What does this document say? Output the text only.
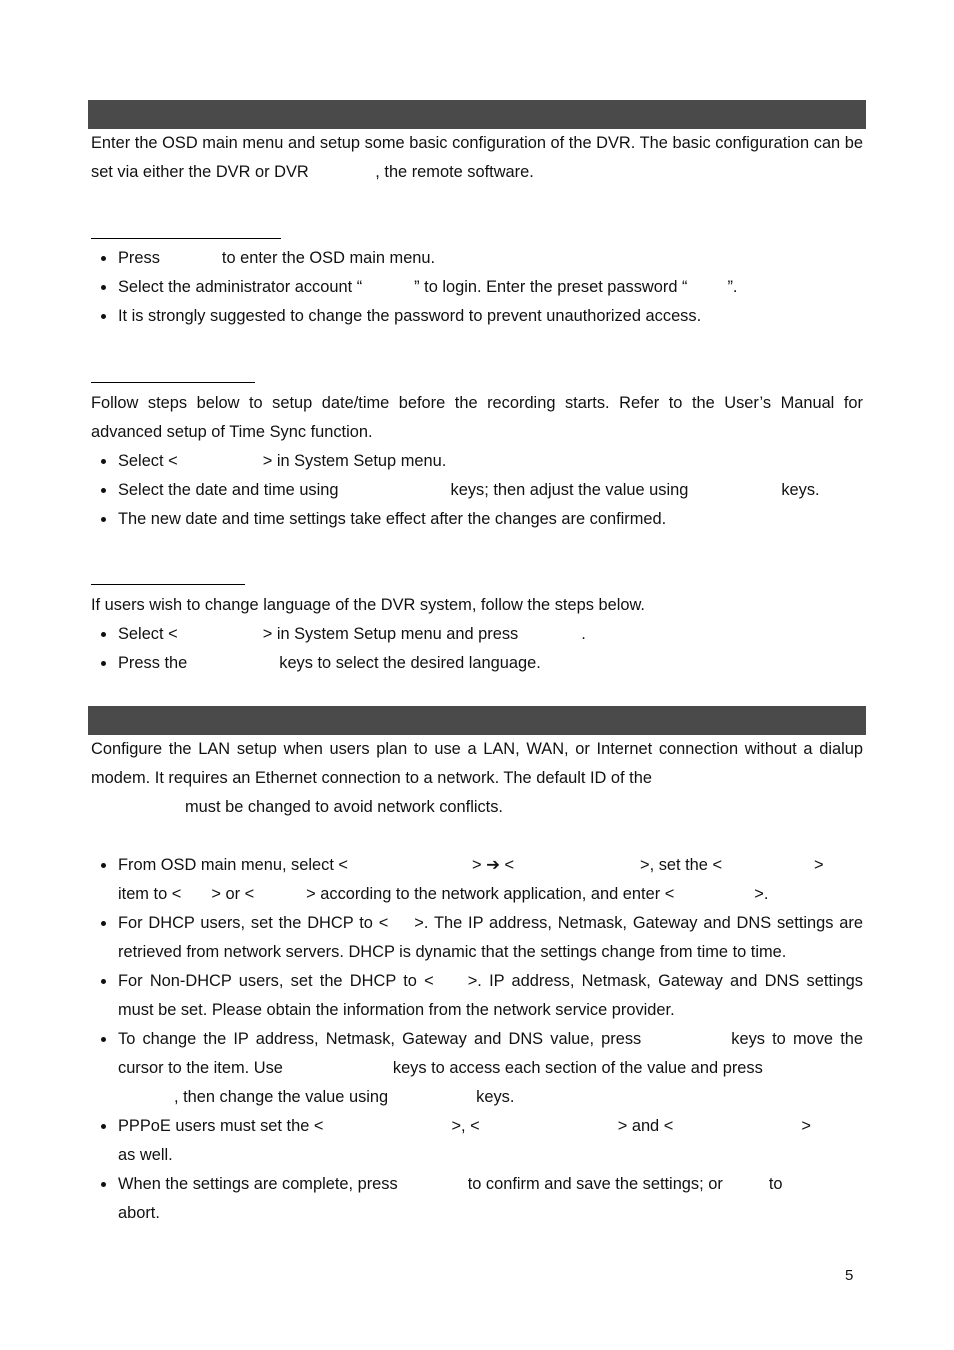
Enter the OSD main menu and setup some basic configuration of the DVR. The basic configuration can be set via either the DVR or DVR	, the remote software.

Press	to enter the OSD main menu.
Select the administrator account “	” to login. Enter the preset password “ ”.
It is strongly suggested to change the password to prevent unauthorized access.

Follow steps below to setup date/time before the recording starts. Refer to the User’s Manual for advanced setup of Time Sync function.

Select <	> in System Setup menu.
Select the date and time using	keys; then adjust the value using	keys.
The new date and time settings take effect after the changes are confirmed.

If users wish to change language of the DVR system, follow the steps below.

Select <	> in System Setup menu and press	.
Press the	keys to select the desired language.

Configure the LAN setup when users plan to use a LAN, WAN, or Internet connection without a dialup modem. It requires an Ethernet connection to a network. The default ID of the
must be changed to avoid network conflicts.

From OSD main menu, select <	> ➔ <	>, set the <	>
item to < > or <	> according to the network application, and enter <	>.
For DHCP users, set the DHCP to < >. The IP address, Netmask, Gateway and DNS settings are retrieved from network servers. DHCP is dynamic that the settings change from time to time.
For Non-DHCP users, set the DHCP to < >. IP address, Netmask, Gateway and DNS settings must be set. Please obtain the information from the network service provider.
To change the IP address, Netmask, Gateway and DNS value, press	keys to move the cursor to the item. Use	keys to access each section of the value and press
, then change the value using	keys.
PPPoE users must set the <	>, <	> and <	>
as well.
When the settings are complete, press	to confirm and save the settings; or	to
abort.
5
